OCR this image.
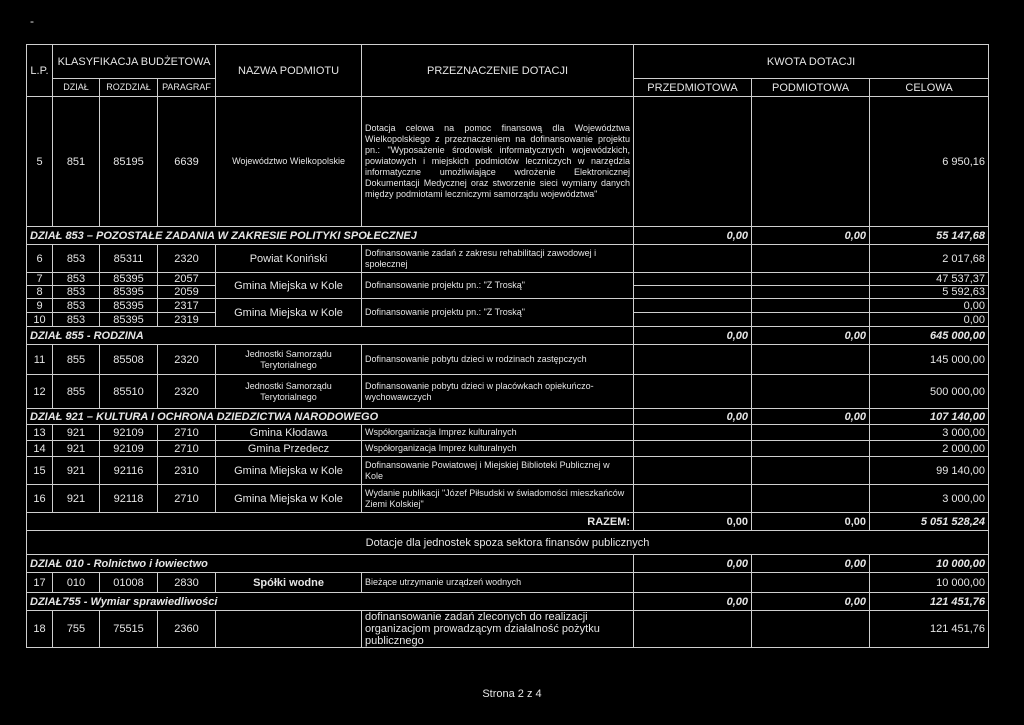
-
L.P.	KLASYFIKACJA BUDŻETOWA			NAZWA PODMIOTU	PRZEZNACZENIE DOTACJI	KWOTA DOTACJI		
	DZIAŁ	ROZDZIAŁ	PARAGRAF			PRZEDMIOTOWA	PODMIOTOWA	CELOWA
5	851	85195	6639	Województwo Wielkopolskie	Dotacja celowa na pomoc finansową dla Województwa Wielkopolskiego z przeznaczeniem na dofinansowanie projektu pn.: "Wyposażenie środowisk informatycznych wojewódzkich, powiatowych i miejskich podmiotów leczniczych w narzędzia informatyczne umożliwiające wdrożenie Elektronicznej Dokumentacji Medycznej oraz stworzenie sieci wymiany danych między podmiotami leczniczymi samorządu województwa"			6 950,16
DZIAŁ 853 – POZOSTAŁE ZADANIA W ZAKRESIE POLITYKI SPOŁECZNEJ						0,00	0,00	55 147,68
6	853	85311	2320	Powiat Koniński	Dofinansowanie zadań z zakresu rehabilitacji zawodowej i społecznej			2 017,68
7	853	85395	2057	Gmina Miejska w Kole	Dofinansowanie projektu pn.: "Z Troską"			47 537,37
8	853	85395	2059					5 592,63
9	853	85395	2317	Gmina Miejska w Kole	Dofinansowanie projektu pn.: "Z Troską"			0,00
10	853	85395	2319					0,00
DZIAŁ 855 - RODZINA						0,00	0,00	645 000,00
11	855	85508	2320	Jednostki Samorządu Terytorialnego	Dofinansowanie pobytu dzieci w rodzinach zastępczych			145 000,00
12	855	85510	2320	Jednostki Samorządu Terytorialnego	Dofinansowanie pobytu dzieci w placówkach opiekuńczo-wychowawczych			500 000,00
DZIAŁ 921 – KULTURA I OCHRONA DZIEDZICTWA NARODOWEGO						0,00	0,00	107 140,00
13	921	92109	2710	Gmina Kłodawa	Współorganizacja Imprez kulturalnych			3 000,00
14	921	92109	2710	Gmina Przedecz	Współorganizacja Imprez kulturalnych			2 000,00
15	921	92116	2310	Gmina Miejska w Kole	Dofinansowanie Powiatowej i Miejskiej Biblioteki Publicznej w Kole			99 140,00
16	921	92118	2710	Gmina Miejska w Kole	Wydanie publikacji "Józef Piłsudski w świadomości mieszkańców Ziemi Kolskiej"			3 000,00
RAZEM:						0,00	0,00	5 051 528,24
Dotacje dla jednostek spoza sektora finansów publicznych								
DZIAŁ 010 - Rolnictwo i łowiectwo						0,00	0,00	10 000,00
17	010	01008	2830	Spółki wodne	Bieżące utrzymanie urządzeń wodnych			10 000,00
DZIAŁ755 - Wymiar sprawiedliwości						0,00	0,00	121 451,76
18	755	75515	2360		dofinansowanie zadań zleconych do realizacji organizacjom prowadzącym działalność pożytku publicznego			121 451,76
Strona 2 z 4
